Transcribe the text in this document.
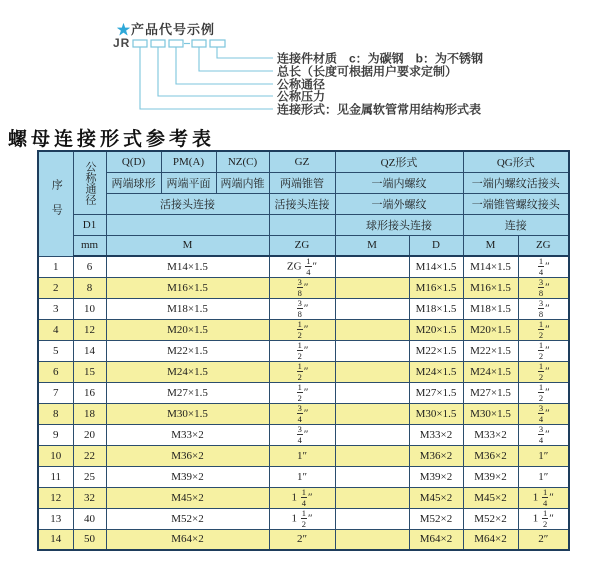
★产品代号示例
JR
连接件材质　c：为碳钢　b：为不锈钢
总长（长度可根据用户要求定制）
公称通径
公称压力
连接形式：见金属软管常用结构形式表
螺母连接形式参考表
序号	公称通径	Q(D)	PM(A)	NZ(C)	GZ	QZ形式		QG形式	
		两端球形	两端平面	两端内锥	两端锥管	一端内螺纹		一端内螺纹活接头	
		活接头连接			活接头连接	一端外螺纹		一端锥管螺纹接头	
	D1					球形接头连接		连接	
	mm	M			ZG	M	D	M	ZG
1	6	M14×1.5			ZG $\frac{1}{4}$ ″		M14×1.5	M14×1.5	$\frac{1}{4}$ ″
2	8	M16×1.5			$\frac{3}{8}$ ″		M16×1.5	M16×1.5	$\frac{3}{8}$ ″
3	10	M18×1.5			$\frac{3}{8}$ ″		M18×1.5	M18×1.5	$\frac{3}{8}$ ″
4	12	M20×1.5			$\frac{1}{2}$ ″		M20×1.5	M20×1.5	$\frac{1}{2}$ ″
5	14	M22×1.5			$\frac{1}{2}$ ″		M22×1.5	M22×1.5	$\frac{1}{2}$ ″
6	15	M24×1.5			$\frac{1}{2}$ ″		M24×1.5	M24×1.5	$\frac{1}{2}$ ″
7	16	M27×1.5			$\frac{1}{2}$ ″		M27×1.5	M27×1.5	$\frac{1}{2}$ ″
8	18	M30×1.5			$\frac{3}{4}$ ″		M30×1.5	M30×1.5	$\frac{3}{4}$ ″
9	20	M33×2			$\frac{3}{4}$ ″		M33×2	M33×2	$\frac{3}{4}$ ″
10	22	M36×2			1″		M36×2	M36×2	1″
11	25	M39×2			1″		M39×2	M39×2	1″
12	32	M45×2			$1 \frac{1}{4}$ ″		M45×2	M45×2	$1 \frac{1}{4}$ ″
13	40	M52×2			$1 \frac{1}{2}$ ″		M52×2	M52×2	$1 \frac{1}{2}$ ″
14	50	M64×2			2″		M64×2	M64×2	2″
